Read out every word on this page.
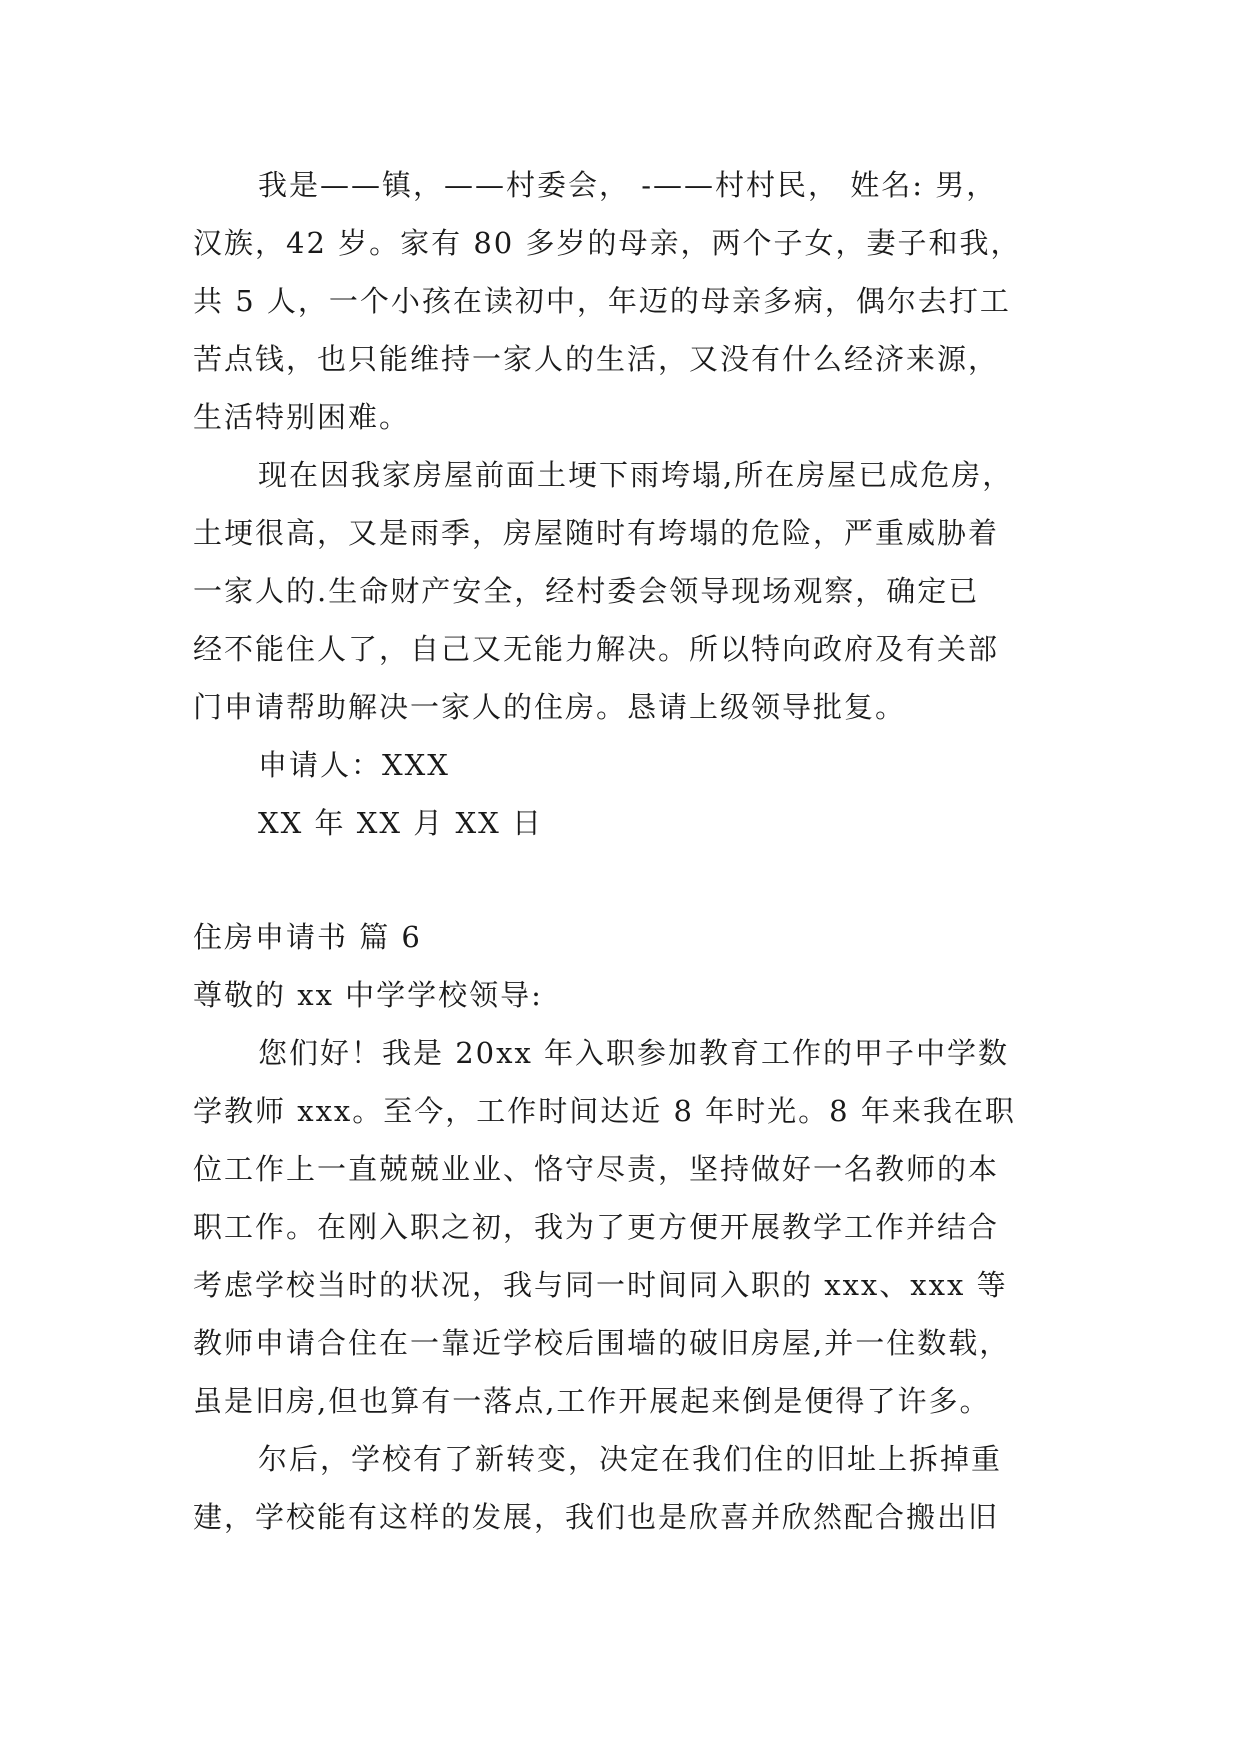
我是——镇，——村委会， -——村村民， 姓名: 男，
汉族，42 岁。家有 80 多岁的母亲，两个子女，妻子和我，
共 5 人，一个小孩在读初中，年迈的母亲多病，偶尔去打工
苦点钱，也只能维持一家人的生活，又没有什么经济来源，
生活特别困难。
现在因我家房屋前面土埂下雨垮塌,所在房屋已成危房，
土埂很高，又是雨季，房屋随时有垮塌的危险，严重威胁着
一家人的.生命财产安全，经村委会领导现场观察，确定已
经不能住人了，自己又无能力解决。所以特向政府及有关部
门申请帮助解决一家人的住房。恳请上级领导批复。
申请人：XXX
XX 年 XX 月 XX 日
住房申请书 篇 6
尊敬的 xx 中学学校领导:
您们好！我是 20xx 年入职参加教育工作的甲子中学数
学教师 xxx。至今，工作时间达近 8 年时光。8 年来我在职
位工作上一直兢兢业业、恪守尽责，坚持做好一名教师的本
职工作。在刚入职之初，我为了更方便开展教学工作并结合
考虑学校当时的状况，我与同一时间同入职的 xxx、xxx 等
教师申请合住在一靠近学校后围墙的破旧房屋,并一住数载，
虽是旧房,但也算有一落点,工作开展起来倒是便得了许多。
尔后，学校有了新转变，决定在我们住的旧址上拆掉重
建，学校能有这样的发展，我们也是欣喜并欣然配合搬出旧
